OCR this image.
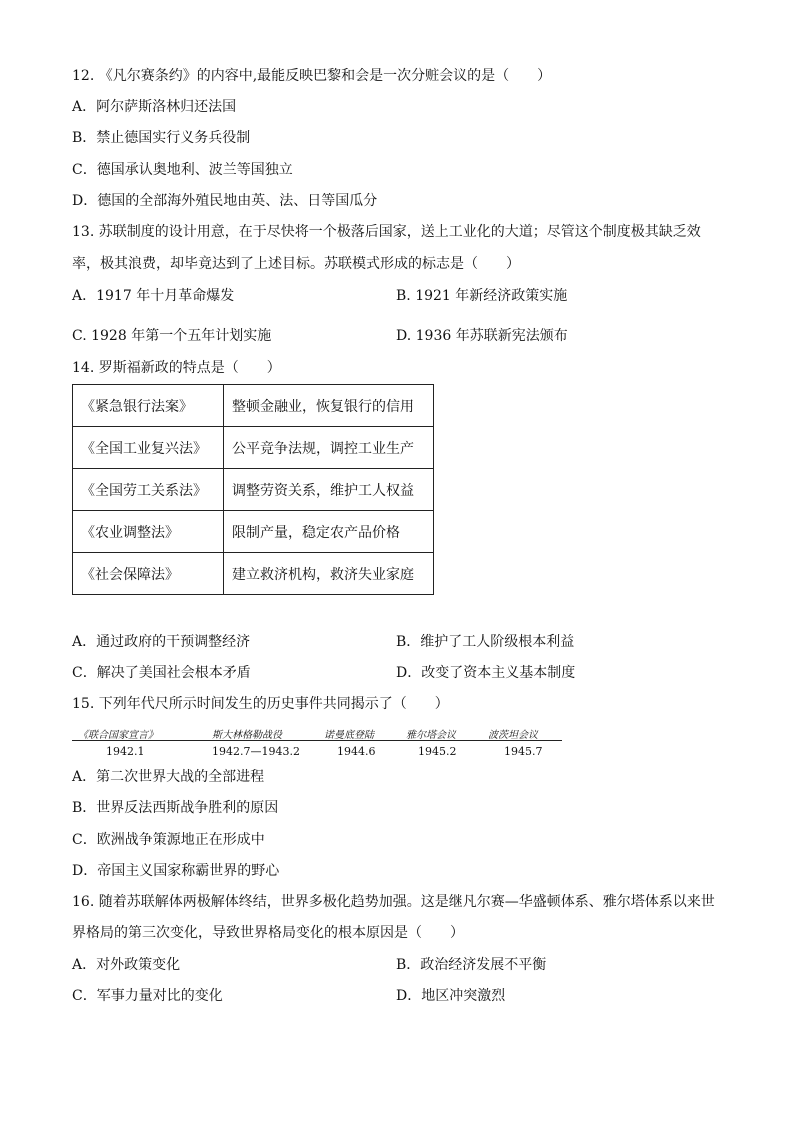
12. 《凡尔赛条约》的内容中,最能反映巴黎和会是一次分赃会议的是（　　）
A．阿尔萨斯洛林归还法国
B．禁止德国实行义务兵役制
C．德国承认奥地利、波兰等国独立
D．德国的全部海外殖民地由英、法、日等国瓜分
13. 苏联制度的设计用意，在于尽快将一个极落后国家，送上工业化的大道；尽管这个制度极其缺乏效
率，极其浪费，却毕竟达到了上述目标。苏联模式形成的标志是（　　）
A．1917 年十月革命爆发	B. 1921 年新经济政策实施
C. 1928 年第一个五年计划实施	D. 1936 年苏联新宪法颁布
14. 罗斯福新政的特点是（　　）
《紧急银行法案》	整顿金融业，恢复银行的信用
《全国工业复兴法》	公平竞争法规，调控工业生产
《全国劳工关系法》	调整劳资关系，维护工人权益
《农业调整法》	限制产量，稳定农产品价格
《社会保障法》	建立救济机构，救济失业家庭
A．通过政府的干预调整经济	B．维护了工人阶级根本利益
C．解决了美国社会根本矛盾	D．改变了资本主义基本制度
15. 下列年代尺所示时间发生的历史事件共同揭示了（　　）
《联合国家宣言》	斯大林格勒战役	诺曼底登陆	雅尔塔会议	波茨坦会议
1942.1	1942.7—1943.2	1944.6	1945.2	1945.7
A．第二次世界大战的全部进程
B．世界反法西斯战争胜利的原因
C．欧洲战争策源地正在形成中
D．帝国主义国家称霸世界的野心
16. 随着苏联解体两极解体终结，世界多极化趋势加强。这是继凡尔赛—华盛顿体系、雅尔塔体系以来世
界格局的第三次变化，导致世界格局变化的根本原因是（　　）
A．对外政策变化	B．政治经济发展不平衡
C．军事力量对比的变化	D．地区冲突激烈
